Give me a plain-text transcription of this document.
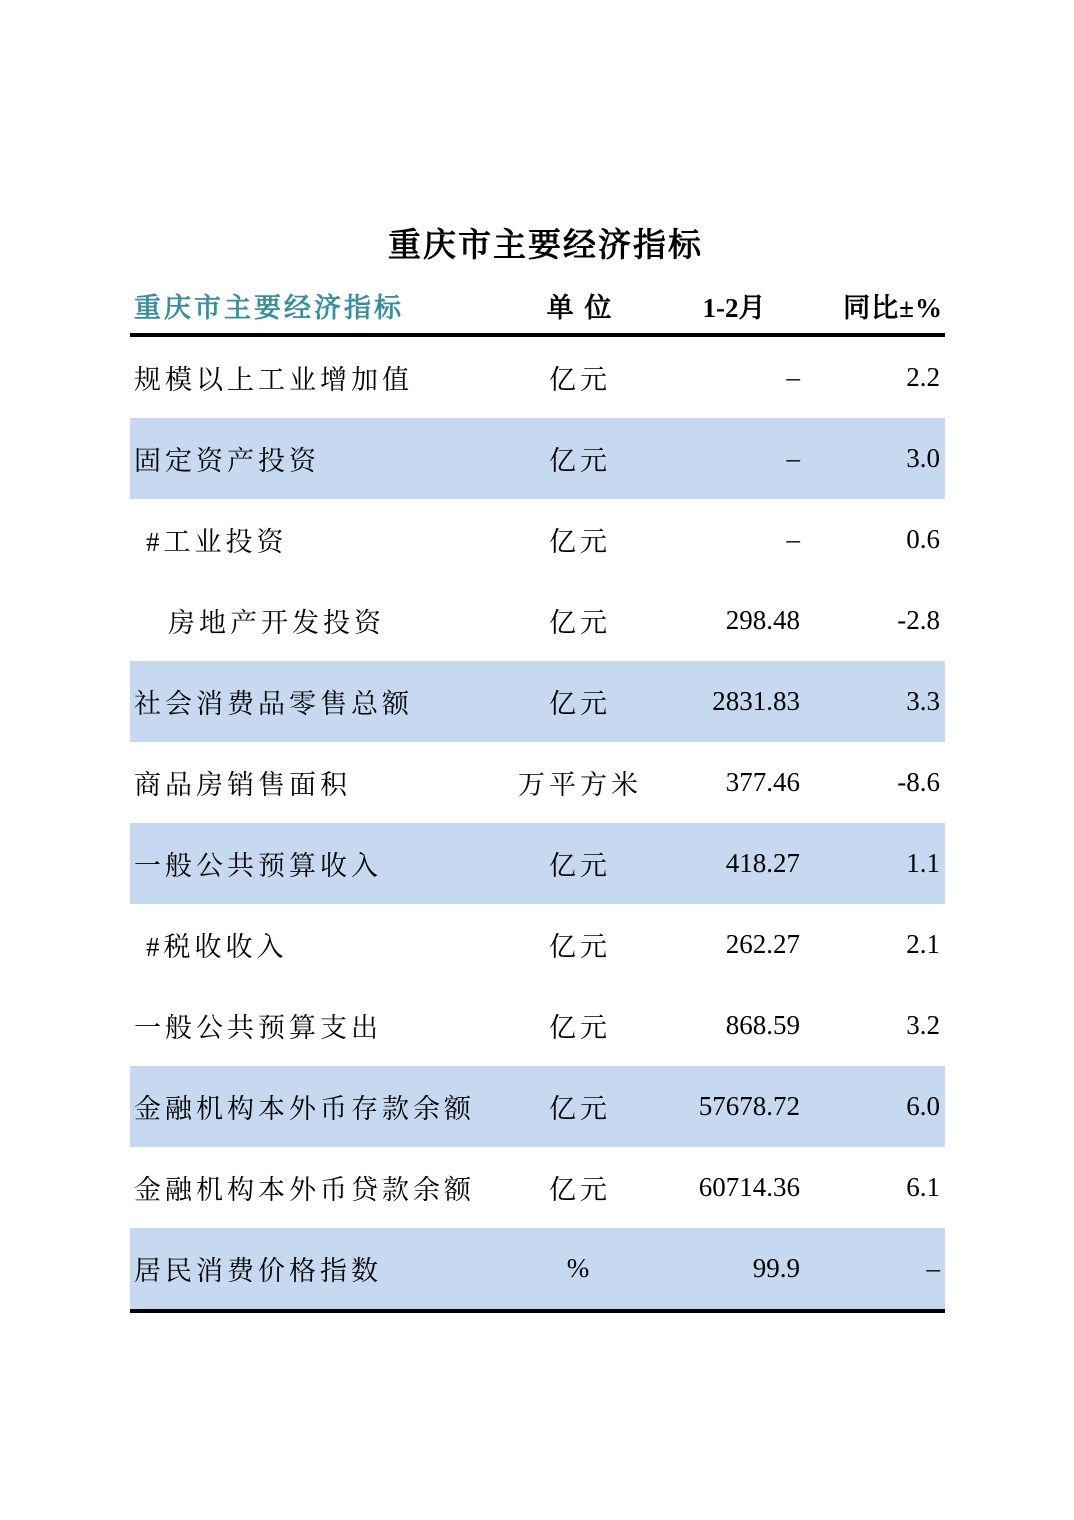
重庆市主要经济指标
重庆市主要经济指标	单 位	1-2月	同比±%
规模以上工业增加值	亿元	–	2.2
固定资产投资	亿元	–	3.0
#工业投资	亿元	–	0.6
房地产开发投资	亿元	298.48	-2.8
社会消费品零售总额	亿元	2831.83	3.3
商品房销售面积	万平方米	377.46	-8.6
一般公共预算收入	亿元	418.27	1.1
#税收收入	亿元	262.27	2.1
一般公共预算支出	亿元	868.59	3.2
金融机构本外币存款余额	亿元	57678.72	6.0
金融机构本外币贷款余额	亿元	60714.36	6.1
居民消费价格指数	%	99.9	–
